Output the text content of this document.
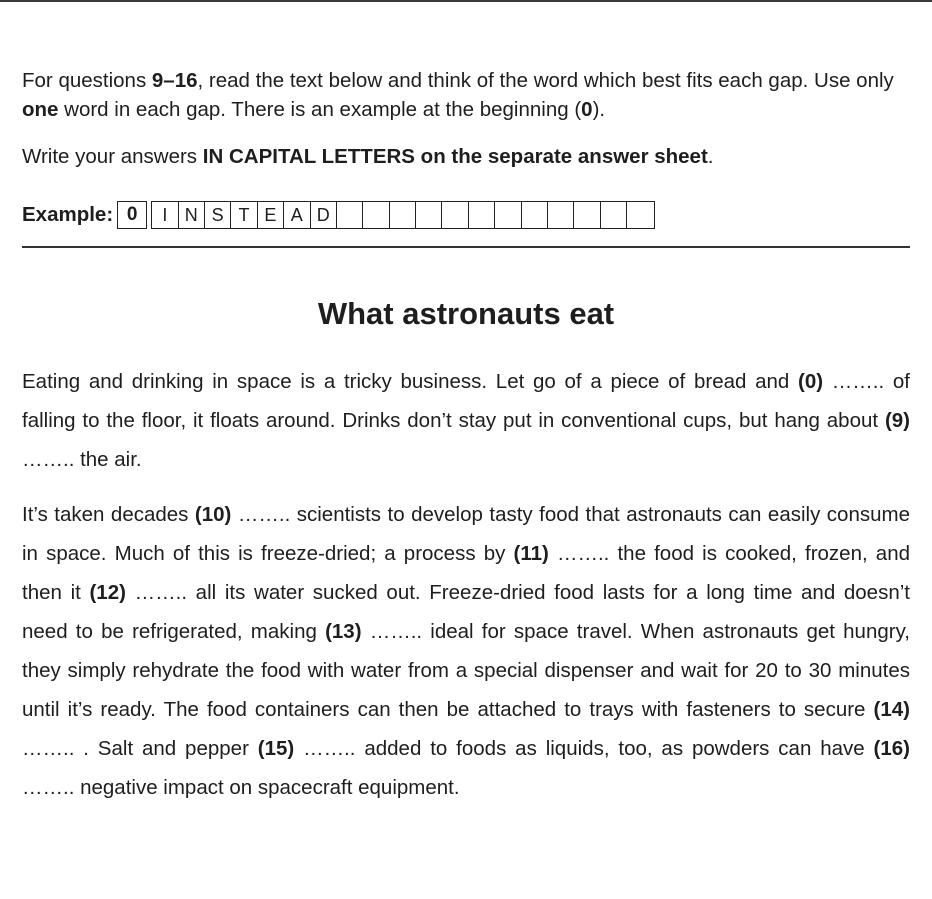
For questions 9–16, read the text below and think of the word which best fits each gap. Use only one word in each gap. There is an example at the beginning (0).

Write your answers IN CAPITAL LETTERS on the separate answer sheet.

Example: 0	I N S T E A D
What astronauts eat

Eating and drinking in space is a tricky business. Let go of a piece of bread and (0) …….. of falling to the floor, it floats around. Drinks don’t stay put in conventional cups, but hang about (9) …….. the air.

It’s taken decades (10) …….. scientists to develop tasty food that astronauts can easily consume in space. Much of this is freeze-dried; a process by (11) …….. the food is cooked, frozen, and then it (12) …….. all its water sucked out. Freeze-dried food lasts for a long time and doesn’t need to be refrigerated, making (13) …….. ideal for space travel. When astronauts get hungry, they simply rehydrate the food with water from a special dispenser and wait for 20 to 30 minutes until it’s ready. The food containers can then be attached to trays with fasteners to secure (14) …….. . Salt and pepper (15) …….. added to foods as liquids, too, as powders can have (16) …….. negative impact on spacecraft equipment.
